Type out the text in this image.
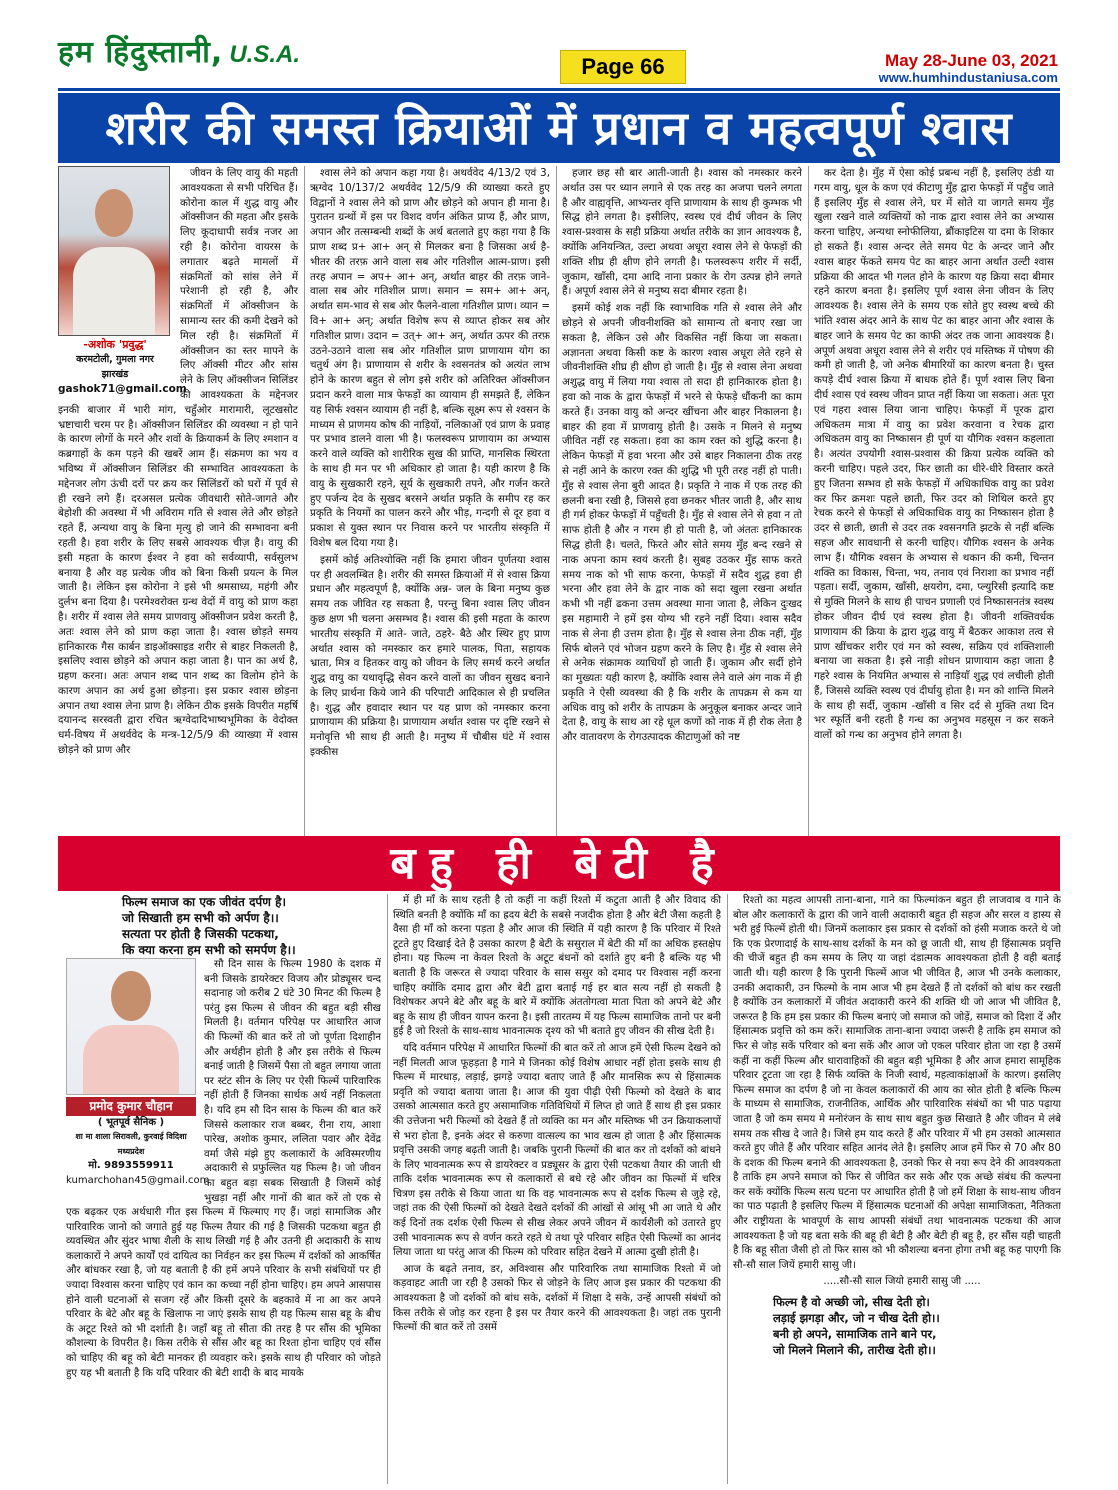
हम हिंदुस्तानी, U.S.A.	Page 66	May 28-June 03, 2021
www.humhindustaniusa.com
शरीर की समस्त क्रियाओं में प्रधान व महत्वपूर्ण श्वास
-अशोक 'प्रवुद्ध'
करमटोली, गुमला नगर
झारखंड
gashok71@gmail.com

जीवन के लिए वायु की महती आवश्यकता से सभी परिचित हैं। कोरोना काल में शुद्ध वायु और ऑक्सीजन की महता और इसके लिए कूदाधापी सर्वत्र नजर आ रही है। कोरोना वायरस के लगातार बढ़ते मामलों में संक्रमितों को सांस लेने में परेशानी हो रही है, और संक्रमितों में ऑक्सीजन के सामान्य स्तर की कमी देखने को मिल रही है। संक्रमितों में ऑक्सीजन का स्तर मापने के लिए ऑक्सी मीटर और सांस लेने के लिए ऑक्सीजन सिलिंडर की आवश्यकता के मद्देनजर इनकी बाजार में भारी मांग, चहुँओर मारामारी, लूटखसोट भ्रष्टाचारी चरम पर है। ऑक्सीजन सिलिंडर की व्यवस्था न हो पाने के कारण लोगों के मरने और शवों के क्रियाकर्म के लिए श्मशान व कब्रगाहों के कम पड़ने की खबरें आम हैं। संक्रमण का भय व भविष्य में ऑक्सीजन सिलिंडर की सम्भावित आवश्यकता के मद्देनजर लोग ऊंची दरों पर क्रय कर सिलिंडरों को घरों में पूर्व से ही रखने लगे हैं। दरअसल प्रत्येक जीवधारी सोते-जागते और बेहोशी की अवस्था में भी अविराम गति से श्वास लेते और छोड़ते रहते हैं, अन्यथा वायु के बिना मृत्यु हो जाने की सम्भावना बनी रहती है। हवा शरीर के लिए सबसे आवश्यक चीज़ है। वायु की इसी महता के कारण ईश्वर ने हवा को सर्वव्यापी, सर्वसुलभ बनाया है और वह प्रत्येक जीव को बिना किसी प्रयत्न के मिल जाती है। लेकिन इस कोरोना ने इसे भी श्रमसाध्य, महंगी और दुर्लभ बना दिया है। परमेश्वरोक्त ग्रन्थ वेदों में वायु को प्राण कहा है। शरीर में श्वास लेते समय प्राणवायु ऑक्सीजन प्रवेश करती है, अतः श्वास लेने को प्राण कहा जाता है। श्वास छोड़ते समय हानिकारक गैस कार्बन डाइऑक्साइड शरीर से बाहर निकलती है, इसलिए श्वास छोड़ने को अपान कहा जाता है। पान का अर्थ है, ग्रहण करना। अतः अपान शब्द पान शब्द का विलोम होने के कारण अपान का अर्थ हुआ छोड़ना। इस प्रकार श्वास छोड़ना अपान तथा श्वास लेना प्राण है। लेकिन ठीक इसके विपरीत महर्षि दयानन्द सरस्वती द्वारा रचित ऋग्वेदादिभाष्यभूमिका के वेदोक्त धर्म-विषय में अथर्ववेद के मन्त्र-12/5/9 की व्याख्या में श्वास छोड़ने को प्राण और

श्वास लेने को अपान कहा गया है। अथर्ववेद 4/13/2 एवं 3, ऋग्वेद 10/137/2 अथर्ववेद 12/5/9 की व्याख्या करते हुए विद्वानों ने श्वास लेने को प्राण और छोड़ने को अपान ही माना है। पुरातन ग्रन्थों में इस पर विशद वर्णन अंकित प्राप्य हैं, और प्राण, अपान और तत्सम्बन्धी शब्दों के अर्थ बतलाते हुए कहा गया है कि प्राण शब्द प्र+ आ+ अन् से मिलकर बना है जिसका अर्थ है- भीतर की तरफ़ आने वाला सब ओर गतिशील आत्म-प्राण। इसी तरह अपान = अप+ आ+ अन्, अर्थात बाहर की तरफ़ जाने-वाला सब ओर गतिशील प्राण। समान = सम+ आ+ अन्, अर्थात सम-भाव से सब ओर फैलने-वाला गतिशील प्राण। व्यान = वि+ आ+ अन्; अर्थात विशेष रूप से व्याप्त होकर सब ओर गतिशील प्राण। उदान = उत्+ आ+ अन्, अर्थात ऊपर की तरफ़ उठने-उठाने वाला सब ओर गतिशील प्राण प्राणायाम योग का चतुर्थ अंग है। प्राणायाम से शरीर के श्वसनतंत्र को अत्यंत लाभ होने के कारण बहुत से लोग इसे शरीर को अतिरिक्त ऑक्सीजन प्रदान करने वाला मात्र फेफड़ों का व्यायाम ही समझते हैं, लेकिन यह सिर्फ श्वसन व्यायाम ही नहीं है, बल्कि सूक्ष्म रूप से श्वसन के माध्यम से प्राणमय कोष की नाड़ियों, नलिकाओं एवं प्राण के प्रवाह पर प्रभाव डालने वाला भी है। फलस्वरूप प्राणायाम का अभ्यास करने वाले व्यक्ति को शारीरिक सुख की प्राप्ति, मानसिक स्थिरता के साथ ही मन पर भी अधिकार हो जाता है। यही कारण है कि वायु के सुखकारी रहने, सूर्य के सुखकारी तपने, और गर्जन करते हुए पर्जन्य देव के सुखद बरसने अर्थात प्रकृति के समीप रह कर प्रकृति के नियमों का पालन करने और भीड़, गन्दगी से दूर हवा व प्रकाश से युक्त स्थान पर निवास करने पर भारतीय संस्कृति में विशेष बल दिया गया है।

इसमें कोई अतिश्योक्ति नहीं कि हमारा जीवन पूर्णतया श्वास पर ही अवलम्बित है। शरीर की समस्त क्रियाओं में से श्वास क्रिया प्रधान और महत्वपूर्ण है, क्योंकि अन्न- जल के बिना मनुष्य कुछ समय तक जीवित रह सकता है, परन्तु बिना श्वास लिए जीवन कुछ क्षण भी चलना असम्भव है। श्वास की इसी महता के कारण भारतीय संस्कृति में आते- जाते, ठहरे- बैठे और स्थिर हुए प्राण अर्थात श्वास को नमस्कार कर हमारे पालक, पिता, सहायक भ्राता, मित्र व हितकर वायु को जीवन के लिए समर्थ करने अर्थात शुद्ध वायु का यथावृद्धि सेवन करने वालों का जीवन सुखद बनाने के लिए प्रार्थना किये जाने की परिपाटी आदिकाल से ही प्रचलित है। शुद्ध और हवादार स्थान पर यह प्राण को नमस्कार करना प्राणायाम की प्रक्रिया है। प्राणायाम अर्थात श्वास पर दृष्टि रखने से मनोवृत्ति भी साथ ही आती है। मनुष्य में चौबीस घंटे में श्वास इक्कीस

हजार छह सौ बार आती-जाती है। श्वास को नमस्कार करने अर्थात उस पर ध्यान लगाने से एक तरह का अजपा चलने लगता है और वाह्यवृत्ति, आभ्यन्तर वृत्ति प्राणायाम के साथ ही कुम्भक भी सिद्ध होने लगता है। इसीलिए, स्वस्थ एवं दीर्घ जीवन के लिए श्वास-प्रश्वास के सही प्रक्रिया अर्थात तरीके का ज्ञान आवश्यक है, क्योंकि अनियन्त्रित, उल्टा अथवा अधूरा श्वास लेने से फेफड़ों की शक्ति शीघ्र ही क्षीण होने लगती है। फलस्वरूप शरीर में सर्दी, जुकाम, खाँसी, दमा आदि नाना प्रकार के रोग उत्पन्न होने लगते हैं। अपूर्ण श्वास लेने से मनुष्य सदा बीमार रहता है।

इसमें कोई शक नहीं कि स्वाभाविक गति से श्वास लेने और छोड़ने से अपनी जीवनीशक्ति को सामान्य तो बनाए रखा जा सकता है, लेकिन उसे और विकसित नहीं किया जा सकता। अज्ञानता अथवा किसी कष्ट के कारण श्वास अधूरा लेते रहने से जीवनीशक्ति शीघ्र ही क्षीण हो जाती है। मुँह से श्वास लेना अथवा अशुद्ध वायु में लिया गया श्वास तो सदा ही हानिकारक होता है। हवा को नाक के द्वारा फेफड़ों में भरने से फेफड़े धौंकनी का काम करते हैं। उनका वायु को अन्दर खींचना और बाहर निकालना है। बाहर की हवा में प्राणवायु होती है। उसके न मिलने से मनुष्य जीवित नहीं रह सकता। हवा का काम रक्त को शुद्धि करना है। लेकिन फेफड़ों में हवा भरना और उसे बाहर निकालना ठीक तरह से नहीं आने के कारण रक्त की शुद्धि भी पूरी तरह नहीं हो पाती। मुँह से श्वास लेना बुरी आदत है। प्रकृति ने नाक में एक तरह की छलनी बना रखी है, जिससे हवा छनकर भीतर जाती है, और साथ ही गर्म होकर फेफड़ों में पहुँचती है। मुँह से श्वास लेने से हवा न तो साफ होती है और न गरम ही हो पाती है, जो अंततः हानिकारक सिद्ध होती है। चलते, फिरते और सोते समय मुँह बन्द रखने से नाक अपना काम स्वयं करती है। सुबह उठकर मुँह साफ करते समय नाक को भी साफ करना, फेफड़ों में सदैव शुद्ध हवा ही भरना और हवा लेने के द्वार नाक को सदा खुला रखना अर्थात कभी भी नहीं ढकना उत्तम अवस्था माना जाता है, लेकिन दुःखद इस महामारी ने हमें इस योग्य भी रहने नहीं दिया। श्वास सदैव नाक से लेना ही उत्तम होता है। मुँह से श्वास लेना ठीक नहीं, मुँह सिर्फ बोलने एवं भोजन ग्रहण करने के लिए है। मुँह से श्वास लेने से अनेक संक्रामक व्याधियाँ हो जाती हैं। जुकाम और सर्दी होने का मुख्यतः यही कारण है, क्योंकि श्वास लेने वाले अंग नाक में ही प्रकृति ने ऐसी व्यवस्था की है कि शरीर के तापक्रम से कम या अधिक वायु को शरीर के तापक्रम के अनुकूल बनाकर अन्दर जाने देता है, वायु के साथ आ रहे धूल कणों को नाक में ही रोक लेता है और वातावरण के रोगउत्पादक कीटाणुओं को नष्ट

कर देता है। मुँह में ऐसा कोई प्रबन्ध नहीं है, इसलिए ठंडी या गरम वायु, धूल के कण एवं कीटाणु मुँह द्वारा फेफड़ों में पहुँच जाते हैं इसलिए मुँह से श्वास लेने, घर में सोते या जागते समय मुँह खुला रखने वाले व्यक्तियों को नाक द्वारा श्वास लेने का अभ्यास करना चाहिए, अन्यथा स्नोफीलिया, ब्रौंकाइटिस या दमा के शिकार हो सकते हैं। श्वास अन्दर लेते समय पेट के अन्दर जाने और श्वास बाहर फेंकते समय पेट का बाहर आना अर्थात उल्टी श्वास प्रक्रिया की आदत भी गलत होने के कारण यह क्रिया सदा बीमार रहने कारण बनता है। इसलिए पूर्ण श्वास लेना जीवन के लिए आवश्यक है। श्वास लेने के समय एक सोते हुए स्वस्थ बच्चे की भांति श्वास अंदर आने के साथ पेट का बाहर आना और श्वास के बाहर जाने के समय पेट का काफी अंदर तक जाना आवश्यक है। अपूर्ण अथवा अधूरा श्वास लेने से शरीर एवं मस्तिष्क में पोषण की कमी हो जाती है, जो अनेक बीमारियों का कारण बनता है। चुस्त कपड़े दीर्घ श्वास क्रिया में बाधक होते हैं। पूर्ण श्वास लिए बिना दीर्घ श्वास एवं स्वस्थ जीवन प्राप्त नहीं किया जा सकता। अतः पूरा एवं गहरा श्वास लिया जाना चाहिए। फेफड़ों में पूरक द्वारा अधिकतम मात्रा में वायु का प्रवेश करवाना व रेचक द्वारा अधिकतम वायु का निष्कासन ही पूर्ण या यौगिक श्वसन कहलाता है। अत्यंत उपयोगी श्वास-प्रश्वास की क्रिया प्रत्येक व्यक्ति को करनी चाहिए। पहले उदर, फिर छाती का धीरे-धीरे विस्तार करते हुए जितना सम्भव हो सके फेफड़ों में अधिकाधिक वायु का प्रवेश कर फिर क्रमशः पहले छाती, फिर उदर को शिथिल करते हुए रेचक करने से फेफड़ों से अधिकाधिक वायु का निष्कासन होता है उदर से छाती, छाती से उदर तक श्वसनगति झटके से नहीं बल्कि सहज और सावधानी से करनी चाहिए। यौगिक श्वसन के अनेक लाभ हैं। यौगिक श्वसन के अभ्यास से थकान की कमी, चिन्तन शक्ति का विकास, चिन्ता, भय, तनाव एवं निराशा का प्रभाव नहीं पड़ता। सर्दी, जुकाम, खाँसी, क्षयरोग, दमा, प्ल्युरिसी इत्यादि कष्ट से मुक्ति मिलने के साथ ही पाचन प्रणाली एवं निष्कासनतंत्र स्वस्थ होकर जीवन दीर्घ एवं स्वस्थ होता है। जीवनी शक्तिवर्धक प्राणायाम की क्रिया के द्वारा शुद्ध वायु में बैठकर आकाश तत्व से प्राण खींचकर शरीर एवं मन को स्वस्थ, सक्रिय एवं शक्तिशाली बनाया जा सकता है। इसे नाड़ी शोधन प्राणायाम कहा जाता है गहरे श्वास के नियमित अभ्यास से नाड़ियाँ शुद्ध एवं लचीली होती हैं, जिससे व्यक्ति स्वस्थ एवं दीर्घायु होता है। मन को शान्ति मिलने के साथ ही सर्दी, जुकाम -खाँसी व सिर दर्द से मुक्ति तथा दिन भर स्फूर्ति बनी रहती है गन्ध का अनुभव महसूस न कर सकने वालों को गन्ध का अनुभव होने लगता है।

बहु ही बेटी है
फिल्म समाज का एक जीवंत दर्पण है।
जो सिखाती हम सभी को अर्पण है।।
सत्यता पर होती है जिसकी पटकथा,
कि क्या करना हम सभी को समर्पण है।।
प्रमोद कुमार चौहान
( भूतपूर्व सैनिक )
शा मा शाला सिरावली, कुरवाई विदिशा मध्यप्रदेश
मो. 9893559911
kumarchohan45@gmail.com

सौ दिन सास के फिल्म 1980 के दशक में बनी जिसके डायरेक्टर विजय और प्रोड्यूसर चन्द सदानाह जो करीब 2 घंटे 30 मिनट की फिल्म है परंतु इस फिल्म से जीवन की बहुत बड़ी सीख मिलती है। वर्तमान परिपेक्ष पर आधारित आज की फिल्मों की बात करें तो जो पूर्णता दिशाहीन और अर्थहीन होती है और इस तरीके से फिल्म बनाई जाती है जिसमें पैसा तो बहुत लगाया जाता पर स्टंट सीन के लिए पर ऐसी फिल्में पारिवारिक नहीं होती हैं जिनका सार्थक अर्थ नहीं निकलता है। यदि हम सौ दिन सास के फिल्म की बात करें जिससे कलाकार राज बब्बर, रीना राय, आशा पारेख, अशोक कुमार, ललिता पवार और देवेंद्र वर्मा जैसे मंझे हुए कलाकारों के अविस्मरणीय अदाकारी से प्रफुल्लित यह फिल्म है। जो जीवन का बहुत बड़ा सबक सिखाती है जिसमें कोई भुखड़ा नहीं और गानों की बात करें तो एक से एक बढ़कर एक अर्थधारी गीत इस फिल्म में फिल्माए गए हैं। जहां सामाजिक और पारिवारिक जानो को जगाते हुई यह फिल्म तैयार की गई है जिसकी पटकथा बहुत ही व्यवस्थित और सुंदर भाषा शैली के साथ लिखी गई है और उतनी ही अदाकारी के साथ कलाकारों ने अपने कार्यों एवं दायित्व का निर्वहन कर इस फिल्म में दर्शकों को आकर्षित और बांधकर रखा है, जो यह बताती है की हमें अपने परिवार के सभी संबंधियों पर ही ज्यादा विश्वास करना चाहिए एवं कान का कच्चा नहीं होना चाहिए। हम अपने आसपास होने वाली घटनाओं से सजग रहें और किसी दूसरे के बहकावे में ना आ कर अपने परिवार के बेटे और बहू के खिलाफ ना जाएं इसके साथ ही यह फिल्म सास बहू के बीच के अटूट रिश्ते को भी दर्शाती है। जहाँ बहू तो सीता की तरह है पर सौंस की भूमिका कौशल्या के विपरीत है। किस तरीके से सौंस और बहू का रिश्ता होना चाहिए एवं सौंस को चाहिए की बहू को बेटी मानकर ही व्यवहार करे। इसके साथ ही परिवार को जोड़ते हुए यह भी बताती है कि यदि परिवार की बेटी शादी के बाद मायके

में ही माँ के साथ रहती है तो कहीं ना कहीं रिश्तो में कटुता आती है और विवाद की स्थिति बनती है क्योंकि माँ का ह्रदय बेटी के सबसे नजदीक होता है और बेटी जैसा कहती है वैसा ही माँ को करना पड़ता है और आज की स्थिति में यही कारण है कि परिवार में रिश्ते टूटते हुए दिखाई देते है उसका कारण है बेटी के ससुराल में बेटी की माँ का अधिक हस्तक्षेप होना। यह फिल्म ना केवल रिश्तो के अटूट बंधनों को दर्शाते हुए बनी है बल्कि यह भी बताती है कि जरूरत से ज्यादा परिवार के सास ससुर को दमाद पर विश्वास नहीं करना चाहिए क्योंकि दमाद द्वारा और बेटी द्वारा बताई गई हर बात सत्य नहीं हो सकती है विशेषकर अपने बेटे और बहू के बारे में क्योंकि अंततोगत्वा माता पिता को अपने बेटे और बहू के साथ ही जीवन यापन करना है। इसी तारतम्य में यह फिल्म सामाजिक तानो पर बनी हुई है जो रिश्तो के साथ-साथ भावनात्मक दृश्य को भी बताते हुए जीवन की सीख देती है।

यदि वर्तमान परिपेक्ष में आधारित फिल्मों की बात करें तो आज हमें ऐसी फिल्म देखने को नहीं मिलती आज फूहड़ता है गाने मे जिनका कोई विशेष आधार नहीं होता इसके साथ ही फिल्म में मारधाड़, लड़ाई, झगड़े ज्यादा बताए जाते हैं और मानसिक रूप से हिंसात्मक प्रवृति को ज्यादा बताया जाता है। आज की युवा पीढ़ी ऐसी फिल्मो को देखते के बाद उसको आत्मसात करते हुए असामाजिक गतिविधियों में लिप्त हो जाते हैं साथ ही इस प्रकार की उत्तेजना भरी फिल्मों को देखते हैं तो व्यक्ति का मन और मस्तिष्क भी उन क्रियाकलापों से भरा होता है, इनके अंदर से करुणा वात्सल्य का भाव खत्म हो जाता है और हिंसात्मक प्रवृत्ति उसकी जगह बढ़ती जाती है। जबकि पुरानी फिल्मों की बात कर तो दर्शकों को बांधने के लिए भावनात्मक रूप से डायरेक्टर व प्रड्यूसर के द्वारा ऐसी पटकथा तैयार की जाती थी ताकि दर्शक भावनात्मक रूप से कलाकारों से बधे रहे और जीवन का फिल्मों में चरित्र चित्रण इस तरीके से किया जाता था कि वह भावनात्मक रूप से दर्शक फिल्म से जुड़े रहे, जहां तक की ऐसी फिल्मों को देखते देखते दर्शकों की आंखों से आंसू भी आ जाते थे और कई दिनों तक दर्शक ऐसी फिल्म से सीख लेकर अपने जीवन में कार्यशैली को उतारते हुए उसी भावनात्मक रूप से वर्णन करते रहते थे तथा पूरे परिवार सहित ऐसी फिल्मों का आनंद लिया जाता था परंतु आज की फिल्म को परिवार सहित देखने में आत्मा दुखी होती है।

आज के बढ़ते तनाव, डर, अविश्वास और पारिवारिक तथा सामाजिक रिश्तो में जो कड़वाहट आती जा रही है उसको फिर से जोड़ने के लिए आज इस प्रकार की पटकथा की आवश्यकता है जो दर्शकों को बांध सके, दर्शकों में शिक्षा दे सके, उन्हें आपसी संबंधों को किस तरीके से जोड़ कर रहना है इस पर तैयार करने की आवश्यकता है। जहां तक पुरानी फिल्मों की बात करें तो उसमें

रिश्तो का महत्व आपसी ताना-बाना, गाने का फिल्मांकन बहुत ही लाजवाब व गाने के बोल और कलाकारों के द्वारा की जाने वाली अदाकारी बहुत ही सहज और सरल व हास्य से भरी हुई फिल्में होती थी। जिनमें कलाकार इस प्रकार से दर्शकों को हंसी मजाक करते थे जो कि एक प्रेरणादाई के साथ-साथ दर्शकों के मन को छू जाती थी, साथ ही हिंसात्मक प्रवृत्ति की चीजें बहुत ही कम समय के लिए या जहां दंडात्मक आवश्यकता होती है वही बताई जाती थी। यही कारण है कि पुरानी फिल्में आज भी जीवित है, आज भी उनके कलाकार, उनकी अदाकारी, उन फिल्मो के नाम आज भी हम देखते हैं तो दर्शकों को बांध कर रखती है क्योंकि उन कलाकारों में जीवंत अदाकारी करने की शक्ति थी जो आज भी जीवित है, जरूरत है कि हम इस प्रकार की फिल्म बनाएं जो समाज को जोड़ें, समाज को दिशा दें और हिंसात्मक प्रवृत्ति को कम करें। सामाजिक ताना-बाना ज्यादा जरूरी है ताकि हम समाज को फिर से जोड़ सकें परिवार को बना सकें और आज जो एकल परिवार होता जा रहा है उसमें कहीं ना कहीं फिल्म और धारावाहिकों की बहुत बड़ी भूमिका है और आज हमारा सामूहिक परिवार टूटता जा रहा है सिर्फ व्यक्ति के निजी स्वार्थ, महत्वाकांक्षाओं के कारण। इसलिए फिल्म समाज का दर्पण है जो ना केवल कलाकारों की आय का स्रोत होती है बल्कि फिल्म के माध्यम से सामाजिक, राजनीतिक, आर्थिक और पारिवारिक संबंधों का भी पाठ पढ़ाया जाता है जो कम समय मे मनोरंजन के साथ साथ बहुत कुछ सिखाते है और जीवन मे लंबे समय तक सीख दे जाते है। जिसे हम याद करते हैं और परिवार में भी हम उसको आत्मसात करते हुए जीते हैं और परिवार सहित आनंद लेते है। इसलिए आज हमें फिर से 70 और 80 के दशक की फिल्म बनाने की आवश्यकता है, उनको फिर से नया रूप देने की आवश्यकता है ताकि हम अपने समाज को फिर से जीवित कर सके और एक अच्छे संबंध की कल्पना कर सकें क्योंकि फिल्म सत्य घटना पर आधारित होती है जो हमें शिक्षा के साथ-साथ जीवन का पाठ पढ़ाती है इसलिए फिल्म में हिंसात्मक घटनाओं की अपेक्षा सामाजिकता, नैतिकता और राष्ट्रीयता के भावपूर्ण के साथ आपसी संबंधों तथा भावनात्मक पटकथा की आज आवश्यकता है जो यह बता सके की बहू ही बेटी है और बेटी ही बहू है, हर सौंस यही चाहती है कि बहू सीता जैसी हो तो फिर सास को भी कौशल्या बनना होगा तभी बहू कह पाएगी कि सौ-सौ साल जियें हमारी सासु जी।

.....सौ-सौ साल जियो हमारी सासु जी .....

फिल्म है वो अच्छी जो, सीख देती हो।
लड़ाई झगड़ा और, जो न चीख देती हो।।
बनी हो अपने, सामाजिक ताने बाने पर,
जो मिलने मिलाने की, तारीख देती हो।।
